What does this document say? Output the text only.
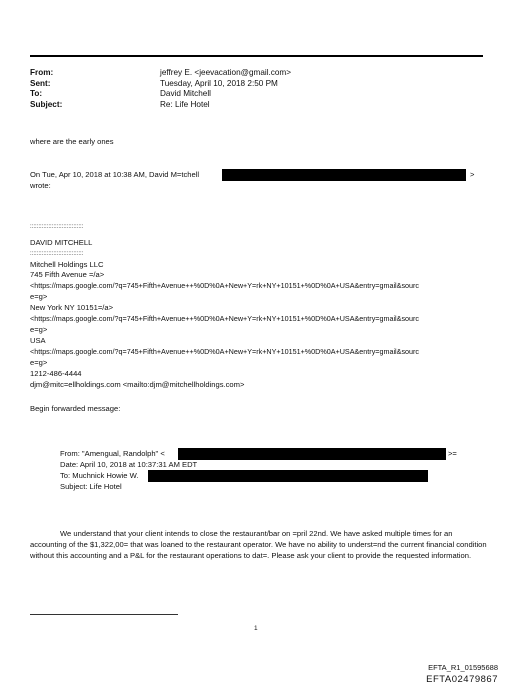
From:	jeffrey E. <jeevacation@gmail.com>
Sent:	Tuesday, April 10, 2018 2:50 PM
To:	David Mitchell
Subject:	Re: Life Hotel
where are the early ones
On Tue, Apr 10, 2018 at 10:38 AM, David M=tchell	>
wrote:
::::::::::::::::::::::::::::::::
DAVID MITCHELL
::::::::::::::::::::::::::::::::
Mitchell Holdings LLC
745 Fifth Avenue =/a>
<https://maps.google.com/?q=745+Fifth+Avenue++%0D%0A+New+Y=rk+NY+10151+%0D%0A+USA&entry=gmail&sourc
e=g>
New York NY 10151=/a>
<https://maps.google.com/?q=745+Fifth+Avenue++%0D%0A+New+Y=rk+NY+10151+%0D%0A+USA&entry=gmail&sourc
e=g>
USA
<https://maps.google.com/?q=745+Fifth+Avenue++%0D%0A+New+Y=rk+NY+10151+%0D%0A+USA&entry=gmail&sourc
e=g>
1212-486-4444
djm@mitc=ellholdings.com <mailto:djm@mitchellholdings.com>
Begin forwarded message:
From: "Amengual, Randolph" <	>=
Date: April 10, 2018 at 10:37:31 AM EDT
To: Muchnick Howie W.
Subject: Life Hotel
We understand that your client intends to close the restaurant/bar on =pril 22nd. We have asked multiple times for an accounting of the $1,322,00= that was loaned to the restaurant operator. We have no ability to underst=nd the current financial condition without this accounting and a P&L for the restaurant operations to dat=. Please ask your client to provide the requested information.
1
EFTA_R1_01595688
EFTA02479867
